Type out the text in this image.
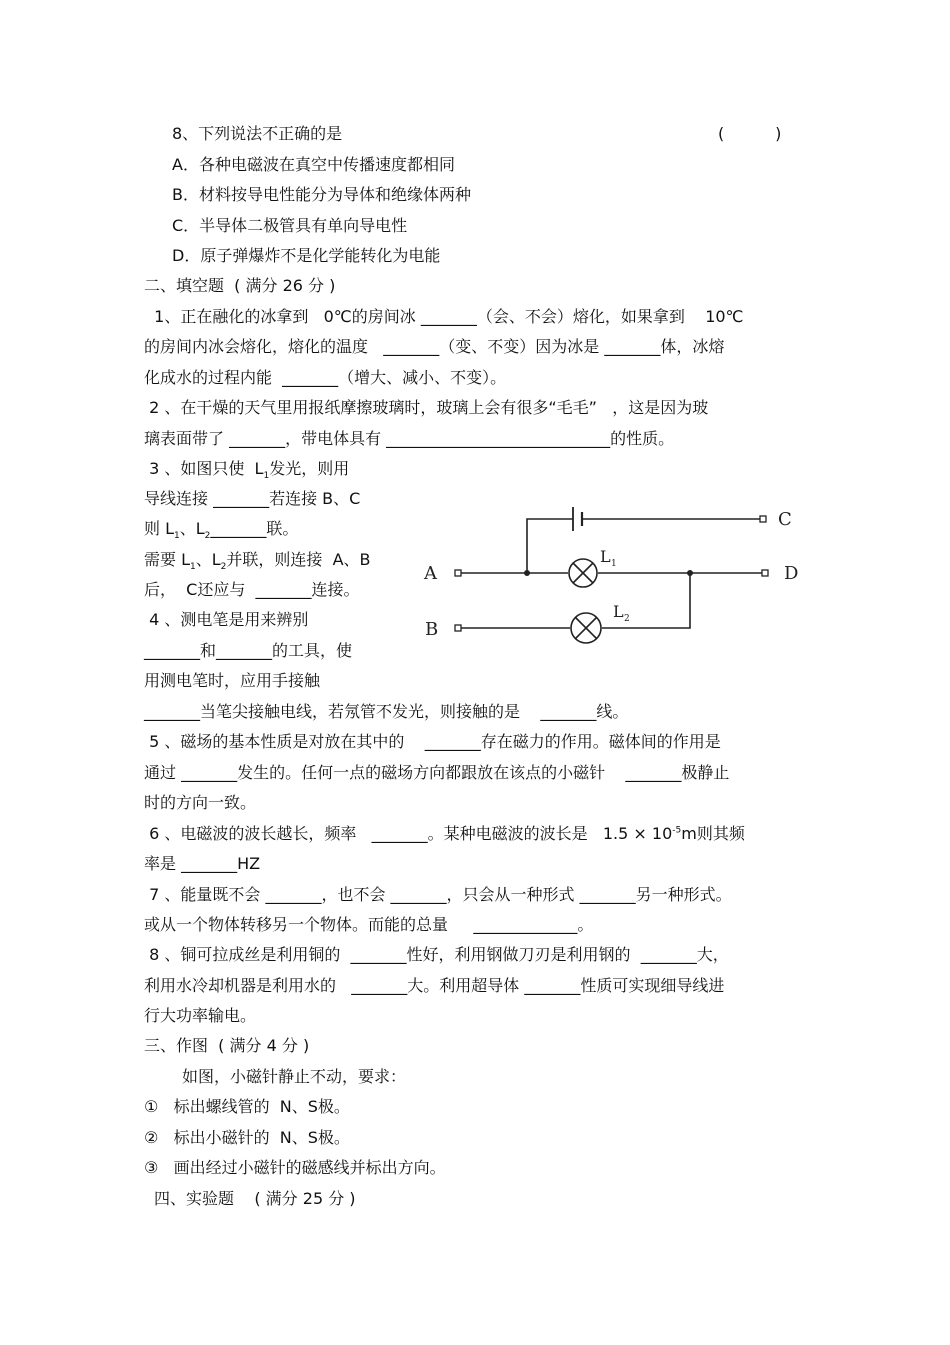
8、下列说法不正确的是	(          )
A．各种电磁波在真空中传播速度都相同
B．材料按导电性能分为导体和绝缘体两种
C．半导体二极管具有单向导电性
D．原子弹爆炸不是化学能转化为电能
二、填空题  ( 满分 26 分 )
1、正在融化的冰拿到   0℃的房间冰 _______（会、不会）熔化，如果拿到    10℃
的房间内冰会熔化，熔化的温度   _______（变、不变）因为冰是 _______体，冰熔
化成水的过程内能  _______（增大、减小、不变）。
2 、在干燥的天气里用报纸摩擦玻璃时，玻璃上会有很多“毛毛”   ，这是因为玻
璃表面带了 _______，带电体具有 ____________________________的性质。
3 、如图只使  $L_1$发光，则用
导线连接 _______若连接 B、C
则 $L_1$、$L_2\_\_\_\_\_\_\_$联。
需要 $L_1$、$L_2$并联，则连接  A、B
后，  C还应与  _______连接。
4 、测电笔是用来辨别
_______和_______的工具，使
用测电笔时，应用手接触
_______当笔尖接触电线，若氖管不发光，则接触的是    _______线。
5 、磁场的基本性质是对放在其中的    _______存在磁力的作用。磁体间的作用是
通过 _______发生的。任何一点的磁场方向都跟放在该点的小磁针    _______极静止
时的方向一致。
6 、电磁波的波长越长，频率   _______。某种电磁波的波长是   $1.5 \times 10^{-5}m$则其频
率是 _______HZ
7 、能量既不会 _______，也不会 _______，只会从一种形式 _______另一种形式。
或从一个物体转移另一个物体。而能的总量     _____________。
8 、铜可拉成丝是利用铜的  _______性好，利用钢做刀刃是利用钢的  _______大，
利用水冷却机器是利用水的   _______大。利用超导体 _______性质可实现细导线进
行大功率输电。
三、作图  ( 满分 4 分 )
如图，小磁针静止不动，要求：
①   标出螺线管的  N、S极。
②   标出小磁针的  N、S极。
③   画出经过小磁针的磁感线并标出方向。
四、实验题    ( 满分 25 分 )
A
B
C
D
L 1
L 2
